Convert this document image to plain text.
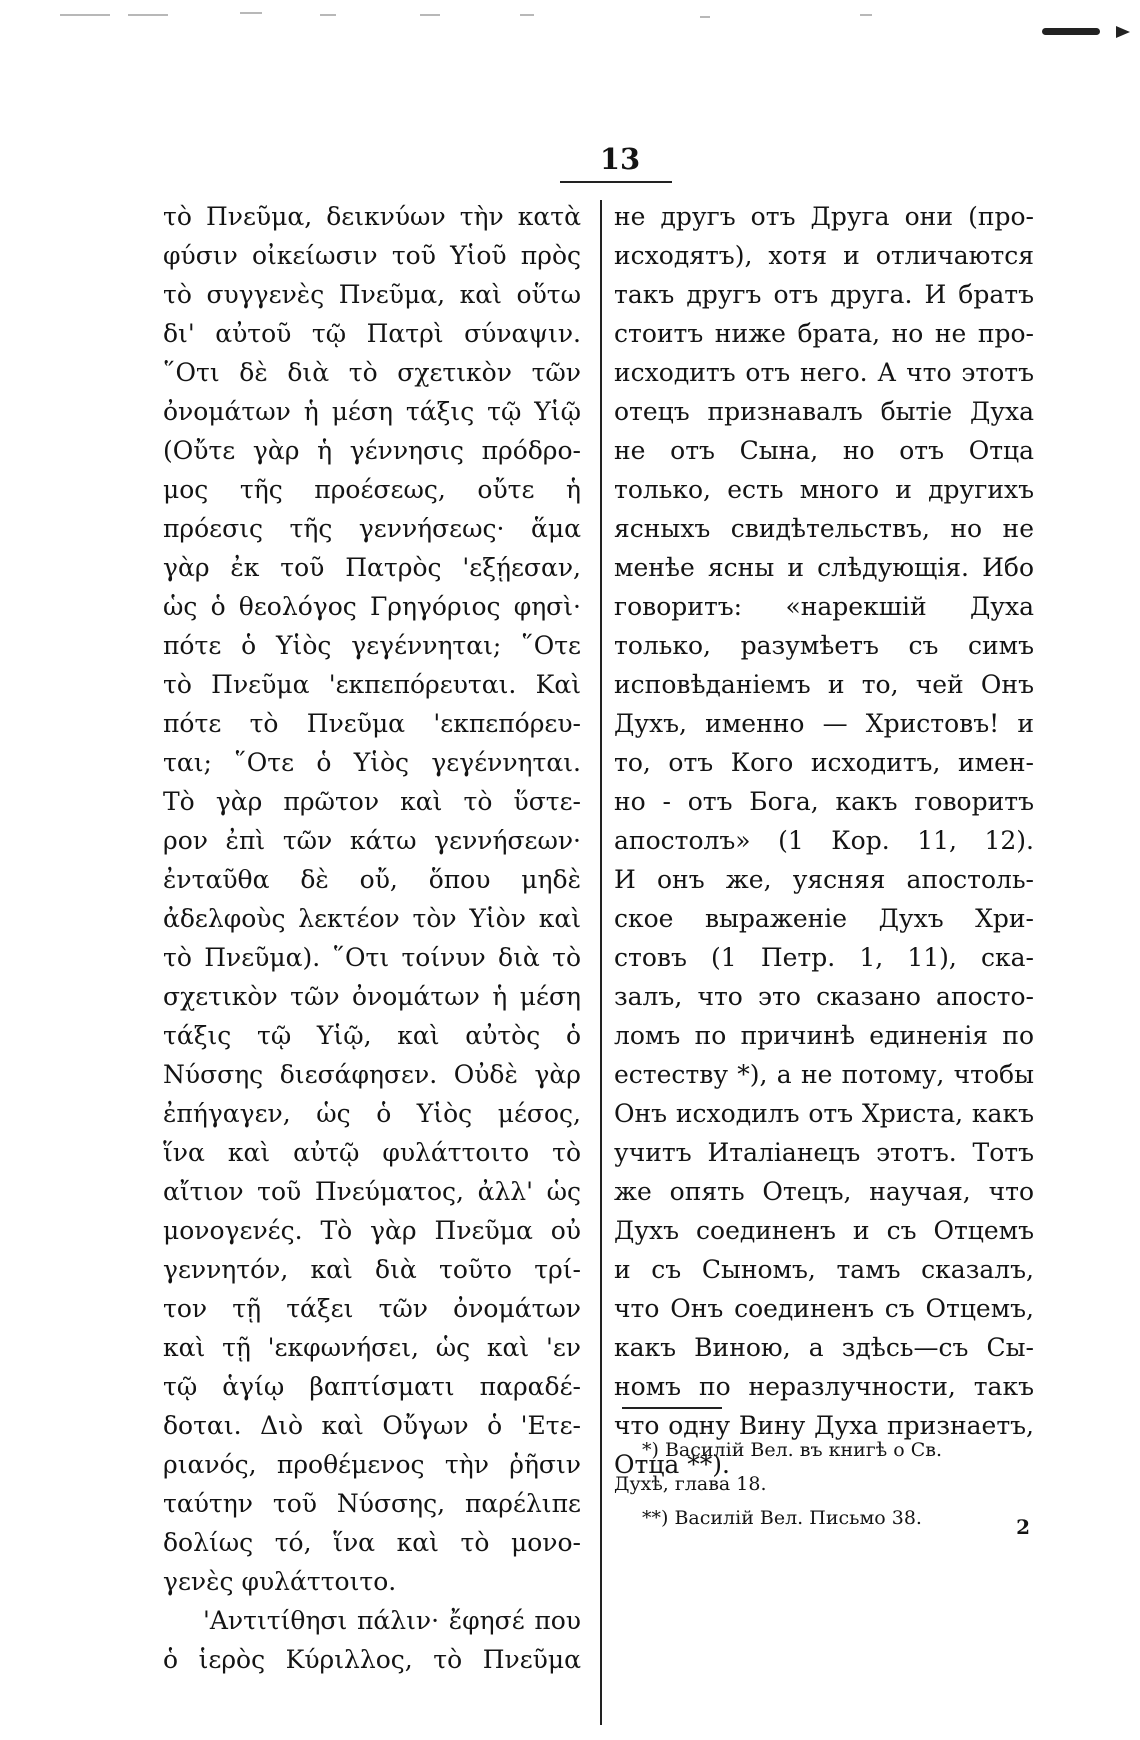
13
τὸ Πνεῦμα, δεικνύων τὴν κατὰ
φύσιν οἰκείωσιν τοῦ Υἱοῦ πρὸς
τὸ συγγενὲς Πνεῦμα, καὶ οὕτω
δι' αὐτοῦ τῷ Πατρὶ σύναψιν.
῞Οτι δὲ διὰ τὸ σχετικὸν τῶν
ὀνομάτων ἡ μέση τάξις τῷ Υἱῷ
(Οὔτε γὰρ ἡ γέννησις πρόδρο-
μος τῆς προέσεως, οὔτε ἡ
πρόεσις τῆς γεννήσεως· ἅμα
γὰρ ἐκ τοῦ Πατρὸς 'εξῄεσαν,
ὡς ὁ θεολόγος Γρηγόριος φησὶ·
πότε ὁ Υἱὸς γεγέννηται; ῞Οτε
τὸ Πνεῦμα 'εκπεπόρευται. Καὶ
πότε τὸ Πνεῦμα 'εκπεπόρευ-
ται; ῞Οτε ὁ Υἱὸς γεγέννηται.
Τὸ γὰρ πρῶτον καὶ τὸ ὕστε-
ρον ἐπὶ τῶν κάτω γεννήσεων·
ἐνταῦθα δὲ οὔ, ὅπου μηδὲ
ἀδελφοὺς λεκτέον τὸν Υἱὸν καὶ
τὸ Πνεῦμα). ῞Οτι τοίνυν διὰ τὸ
σχετικὸν τῶν ὀνομάτων ἡ μέση
τάξις τῷ Υἱῷ, καὶ αὐτὸς ὁ
Νύσσης διεσάφησεν. Οὐδὲ γὰρ
ἐπήγαγεν, ὡς ὁ Υἱὸς μέσος,
ἵνα καὶ αὐτῷ φυλάττοιτο τὸ
αἴτιον τοῦ Πνεύματος, ἀλλ' ὡς
μονογενές. Τὸ γὰρ Πνεῦμα οὐ
γεννητόν, καὶ διὰ τοῦτο τρί-
τον τῇ τάξει τῶν ὀνομάτων
καὶ τῇ 'εκφωνήσει, ὡς καὶ 'εν
τῷ ἁγίῳ βαπτίσματι παραδέ-
δοται. Διὸ καὶ Οὔγων ὁ 'Ετε-
ριανός, προθέμενος τὴν ῥῆσιν
ταύτην τοῦ Νύσσης, παρέλιπε
δολίως τό, ἵνα καὶ τὸ μονο-
γενὲς φυλάττοιτο.
'Αντιτίθησι πάλιν· ἔφησέ που
ὁ ἱερὸς Κύριλλος, τὸ Πνεῦμα
не другъ отъ Друга они (про-
исходятъ), хотя и отличаются
такъ другъ отъ друга. И братъ
стоитъ ниже брата, но не про-
исходитъ отъ него. А что этотъ
отецъ признавалъ бытіе Духа
не отъ Сына, но отъ Отца
только, есть много и другихъ
ясныхъ свидѣтельствъ, но не
менѣе ясны и слѣдующія. Ибо
говоритъ: «нарекшій Духа
только, разумѣетъ съ симъ
исповѣданіемъ и то, чей Онъ
Духъ, именно — Христовъ! и
то, отъ Кого исходитъ, имен-
но - отъ Бога, какъ говоритъ
апостолъ» (1 Кор. 11, 12).
И онъ же, уясняя апостоль-
ское выраженіе Духъ Хри-
стовъ (1 Петр. 1, 11), ска-
залъ, что это сказано апосто-
ломъ по причинѣ единенія по
естеству *), а не потому, чтобы
Онъ исходилъ отъ Христа, какъ
учитъ Италіанецъ этотъ. Тотъ
же опять Отецъ, научая, что
Духъ соединенъ и съ Отцемъ
и съ Сыномъ, тамъ сказалъ,
что Онъ соединенъ съ Отцемъ,
какъ Виною, а здѣсь—съ Сы-
номъ по неразлучности, такъ
что одну Вину Духа признаетъ,
Отца **).
*) Василій Вел. въ книгѣ о Св.
Духѣ, глава 18.
**) Василій Вел. Письмо 38.	2
